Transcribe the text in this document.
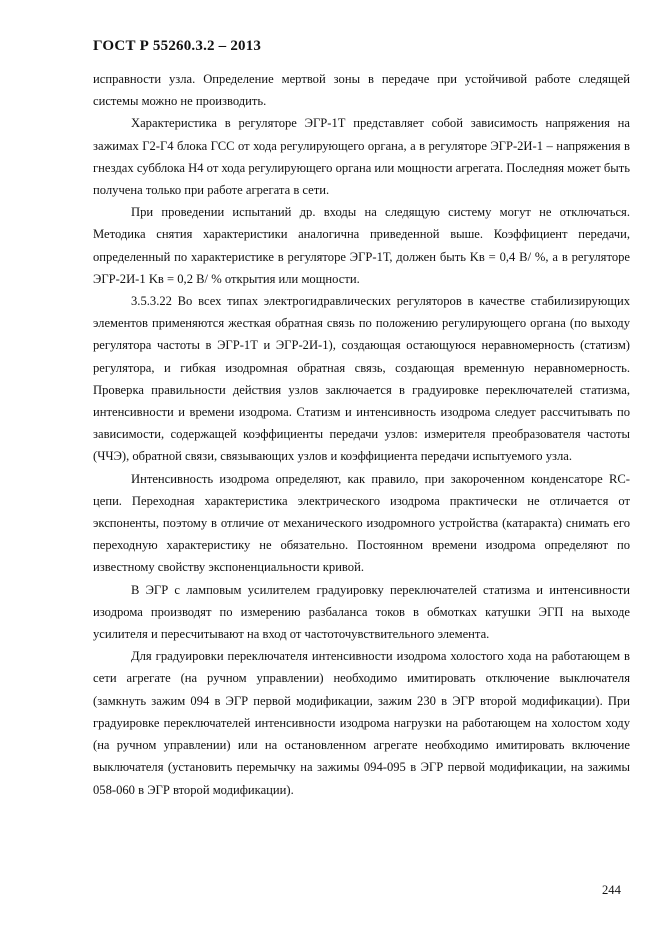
ГОСТ Р 55260.3.2 – 2013

исправности узла. Определение мертвой зоны в передаче при устойчивой работе следящей системы можно не производить.

Характеристика в регуляторе ЭГР-1Т представляет собой зависимость напряжения на зажимах Г2-Г4 блока ГСС от хода регулирующего органа, а в регуляторе ЭГР-2И-1 – напряжения в гнездах субблока Н4 от хода регулирующего органа или мощности агрегата. Последняя может быть получена только при работе агрегата в сети.

При проведении испытаний др. входы на следящую систему могут не отключаться. Методика снятия характеристики аналогична приведенной выше. Коэффициент передачи, определенный по характеристике в регуляторе ЭГР-1Т, должен быть Kв = 0,4 В/ %, а в регуляторе ЭГР-2И-1 Kв = 0,2 В/ % открытия или мощности.

3.5.3.22 Во всех типах электрогидравлических регуляторов в качестве стабилизирующих элементов применяются жесткая обратная связь по положению регулирующего органа (по выходу регулятора частоты в ЭГР-1Т и ЭГР-2И-1), создающая остающуюся неравномерность (статизм) регулятора, и гибкая изодромная обратная связь, создающая временную неравномерность. Проверка правильности действия узлов заключается в градуировке переключателей статизма, интенсивности и времени изодрома. Статизм и интенсивность изодрома следует рассчитывать по зависимости, содержащей коэффициенты передачи узлов: измерителя преобразователя частоты (ЧЧЭ), обратной связи, связывающих узлов и коэффициента передачи испытуемого узла.

Интенсивность изодрома определяют, как правило, при закороченном конденсаторе RC-цепи. Переходная характеристика электрического изодрома практически не отличается от экспоненты, поэтому в отличие от механического изодромного устройства (катаракта) снимать его переходную характеристику не обязательно. Постоянном времени изодрома определяют по известному свойству экспоненциальности кривой.

В ЭГР с ламповым усилителем градуировку переключателей статизма и интенсивности изодрома производят по измерению разбаланса токов в обмотках катушки ЭГП на выходе усилителя и пересчитывают на вход от частоточувствительного элемента.

Для градуировки переключателя интенсивности изодрома холостого хода на работающем в сети агрегате (на ручном управлении) необходимо имитировать отключение выключателя (замкнуть зажим 094 в ЭГР первой модификации, зажим 230 в ЭГР второй модификации). При градуировке переключателей интенсивности изодрома нагрузки на работающем на холостом ходу (на ручном управлении) или на остановленном агрегате необходимо имитировать включение выключателя (установить перемычку на зажимы 094-095 в ЭГР первой модификации, на зажимы 058-060 в ЭГР второй модификации).

244
